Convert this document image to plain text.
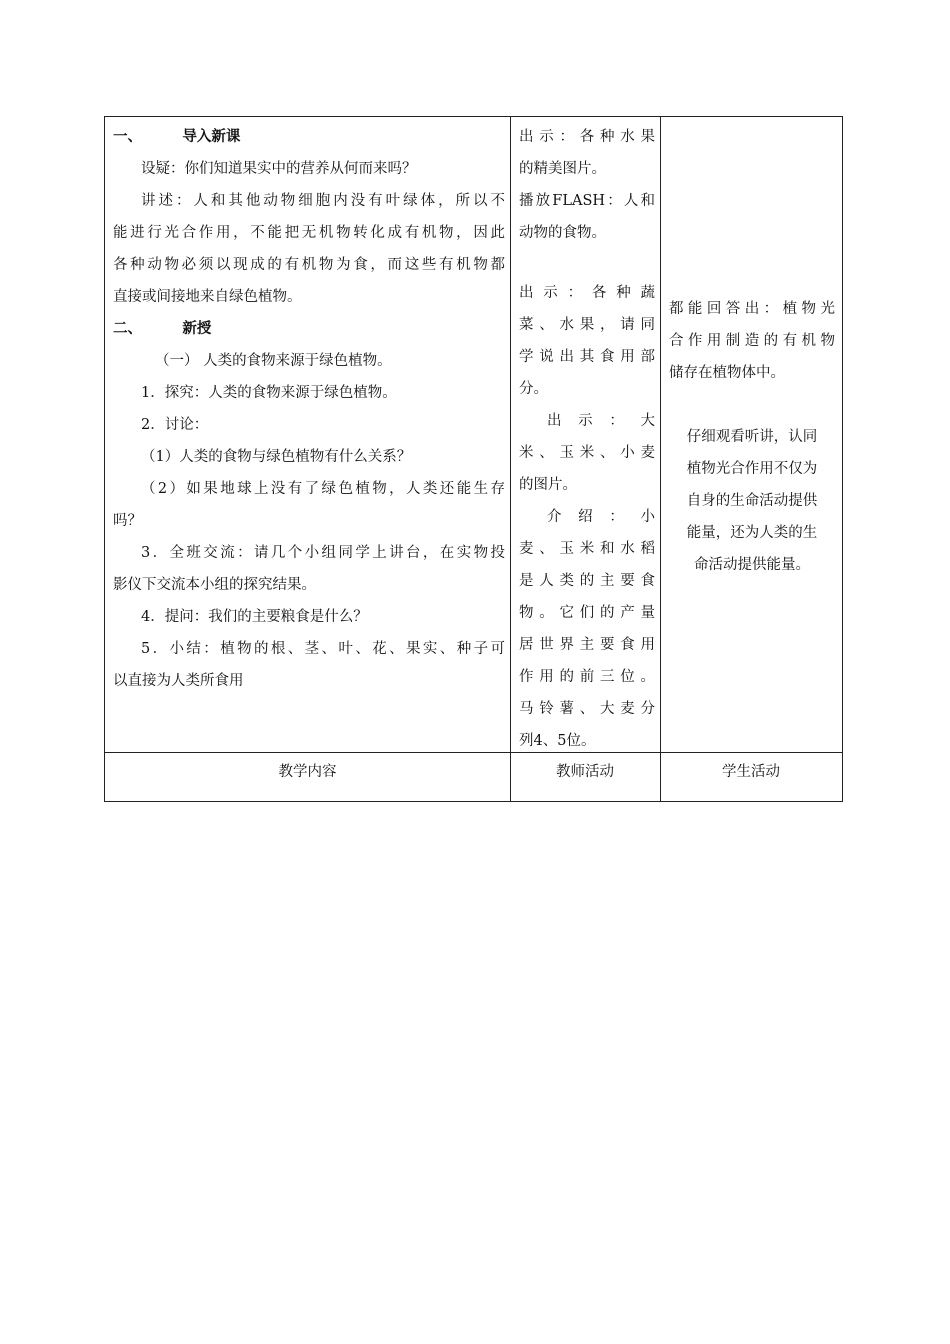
一、        导入新课

设疑：你们知道果实中的营养从何而来吗？

讲述：人和其他动物细胞内没有叶绿体，所以不

能进行光合作用，不能把无机物转化成有机物，因此

各种动物必须以现成的有机物为食，而这些有机物都

直接或间接地来自绿色植物。

二、        新授

（一） 人类的食物来源于绿色植物。

1．探究：人类的食物来源于绿色植物。

2．讨论：

（1）人类的食物与绿色植物有什么关系？

（2）如果地球上没有了绿色植物，人类还能生存

吗？

3．全班交流：请几个小组同学上讲台，在实物投

影仪下交流本小组的探究结果。

4．提问：我们的主要粮食是什么？

5．小结：植物的根、茎、叶、花、果实、种子可

以直接为人类所食用

出示：各种水果

的精美图片。

播放FLASH：人和

动物的食物。

出示：各种蔬

菜、水果，请同

学说出其食用部

分。

出示：大

米、玉米、小麦

的图片。

介绍：小

麦、玉米和水稻

是人类的主要食

物。它们的产量

居世界主要食用

作用的前三位。

马铃薯、大麦分

列4、5位。

都能回答出：植物光

合作用制造的有机物

储存在植物体中。

仔细观看听讲，认同

植物光合作用不仅为

自身的生命活动提供

能量，还为人类的生

命活动提供能量。

教学内容	教师活动	学生活动
